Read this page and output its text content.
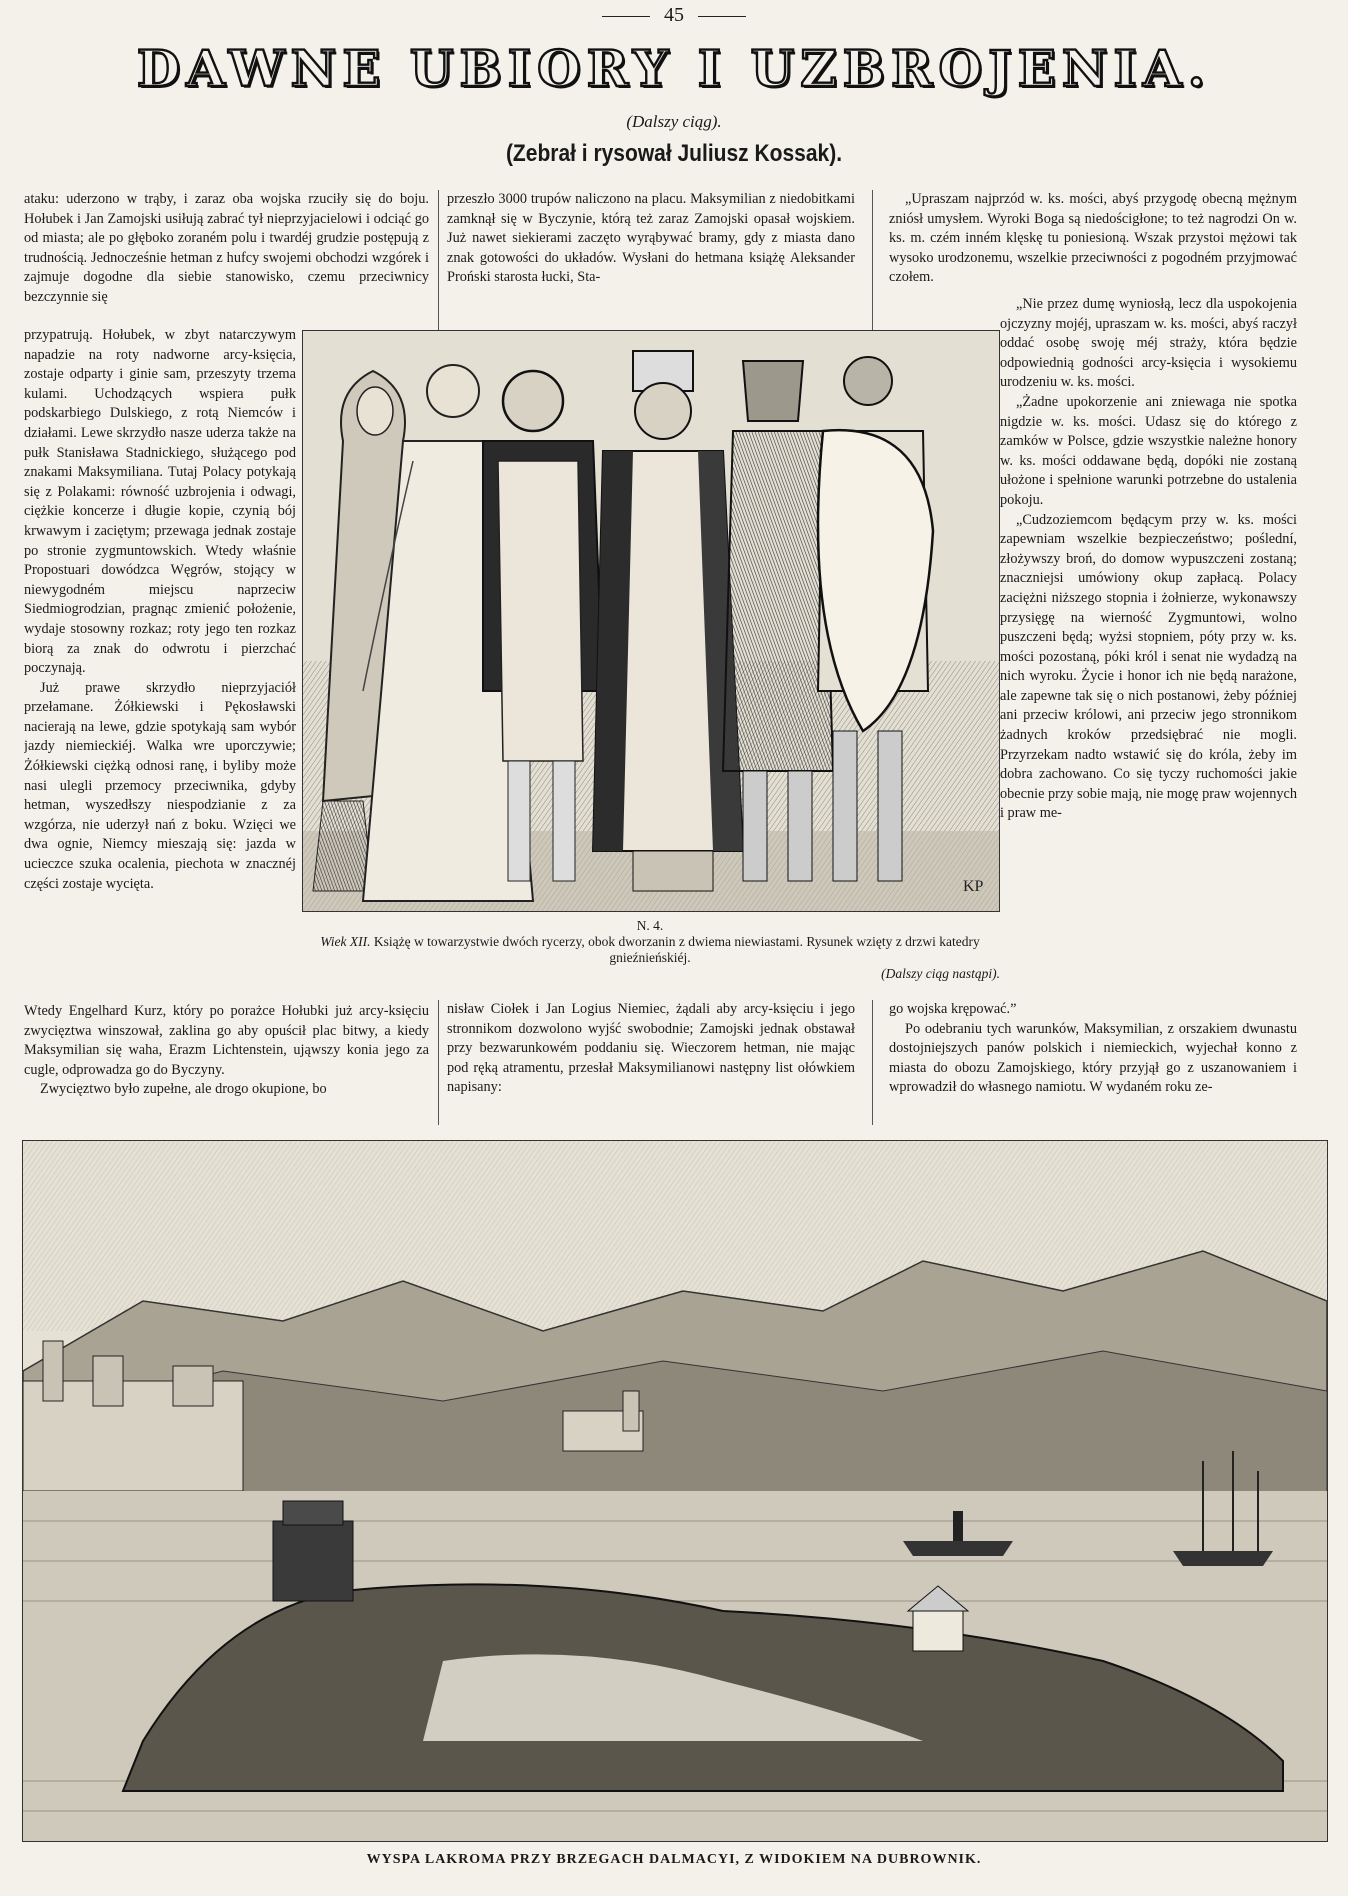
45
DAWNE UBIORY I UZBROJENIA.
(Dalszy ciąg).
(Zebrał i rysował Juliusz Kossak).

ataku: uderzono w trąby, i zaraz oba wojska rzuciły się do boju. Hołubek i Jan Zamojski usiłują zabrać tył nieprzyjacielowi i odciąć go od miasta; ale po głęboko zoraném polu i twardéj grudzie postępują z trudnością. Jednocześnie hetman z hufcy swojemi obchodzi wzgórek i zajmuje dogodne dla siebie stanowisko, czemu przeciwnicy bezczynnie się

przeszło 3000 trupów naliczono na placu. Maksymilian z niedobitkami zamknął się w Byczynie, którą też zaraz Zamojski opasał wojskiem. Już nawet siekierami zaczęto wyrąbywać bramy, gdy z miasta dano znak gotowości do układów. Wysłani do hetmana książę Aleksander Proński starosta łucki, Sta-

„Upraszam najprzód w. ks. mości, abyś przygodę obecną mężnym zniósł umysłem. Wyroki Boga są niedościgłone; to też nagrodzi On w. ks. m. czém inném klęskę tu poniesioną. Wszak przystoi mężowi tak wysoko urodzonemu, wszelkie przeciwności z pogodném przyjmować czołem.

przypatrują. Hołubek, w zbyt natarczywym napadzie na roty nadworne arcy-księcia, zostaje odparty i ginie sam, przeszyty trzema kulami. Uchodzących wspiera pułk podskarbiego Dulskiego, z rotą Niemców i działami. Lewe skrzydło nasze uderza także na pułk Stanisława Stadnickiego, służącego pod znakami Maksymiliana. Tutaj Polacy potykają się z Polakami: równość uzbrojenia i odwagi, ciężkie koncerze i długie kopie, czynią bój krwawym i zaciętym; przewaga jednak zostaje po stronie zygmuntowskich. Wtedy właśnie Propostuari dowódzca Węgrów, stojący w niewygodném miejscu naprzeciw Siedmiogrodzian, pragnąc zmienić położenie, wydaje stosowny rozkaz; roty jego ten rozkaz biorą za znak do odwrotu i pierzchać poczynają.

Już prawe skrzydło nieprzyjaciół przełamane. Żółkiewski i Pękosławski nacierają na lewe, gdzie spotykają sam wybór jazdy niemieckiéj. Walka wre uporczywie; Żółkiewski ciężką odnosi ranę, i byliby może nasi ulegli przemocy przeciwnika, gdyby hetman, wyszedłszy niespodzianie z za wzgórza, nie uderzył nań z boku. Wzięci we dwa ognie, Niemcy mieszają się: jazda w ucieczce szuka ocalenia, piechota w znacznéj części zostaje wycięta.

Wtedy Engelhard Kurz, który po porażce Hołubki już arcy-księciu zwycięztwa winszował, zaklina go aby opuścił plac bitwy, a kiedy Maksymilian się waha, Erazm Lichtenstein, ująwszy konia jego za cugle, odprowadza go do Byczyny.

Zwycięztwo było zupełne, ale drogo okupione, bo

„Nie przez dumę wyniosłą, lecz dla uspokojenia ojczyzny mojéj, upraszam w. ks. mości, abyś raczył oddać osobę swoję méj straży, która będzie odpowiednią godności arcy-księcia i wysokiemu urodzeniu w. ks. mości.

„Żadne upokorzenie ani zniewaga nie spotka nigdzie w. ks. mości. Udasz się do którego z zamków w Polsce, gdzie wszystkie należne honory w. ks. mości oddawane będą, dopóki nie zostaną ułożone i spełnione warunki potrzebne do ustalenia pokoju.

„Cudzoziemcom będącym przy w. ks. mości zapewniam wszelkie bezpieczeństwo; poślední, złożywszy broń, do domow wypuszczeni zostaną; znaczniejsi umówiony okup zapłacą. Polacy zaciężni niższego stopnia i żołnierze, wykonawszy przysięgę na wierność Zygmuntowi, wolno puszczeni będą; wyżsi stopniem, póty przy w. ks. mości pozostaną, póki król i senat nie wydadzą na nich wyroku. Życie i honor ich nie będą narażone, ale zapewne tak się o nich postanowi, żeby później ani przeciw królowi, ani przeciw jego stronnikom żadnych kroków przedsiębrać nie mogli. Przyrzekam nadto wstawić się do króla, żeby im dobra zachowano. Co się tyczy ruchomości jakie obecnie przy sobie mają, nie mogę praw wojennych i praw me-

nisław Ciołek i Jan Logius Niemiec, żądali aby arcy-księciu i jego stronnikom dozwolono wyjść swobodnie; Zamojski jednak obstawał przy bezwarunkowém poddaniu się. Wieczorem hetman, nie mając pod ręką atramentu, przesłał Maksymilianowi następny list ołówkiem napisany:

go wojska krępować.”

Po odebraniu tych warunków, Maksymilian, z orszakiem dwunastu dostojniejszych panów polskich i niemieckich, wyjechał konno z miasta do obozu Zamojskiego, który przyjął go z uszanowaniem i wprowadził do własnego namiotu. W wydaném roku ze-

KP
N. 4.
Wiek XII. Książę w towarzystwie dwóch rycerzy, obok dworzanin z dwiema niewiastami. Rysunek wzięty z drzwi katedry gnieźnieńskiéj.
(Dalszy ciąg nastąpi).
WYSPA LAKROMA PRZY BRZEGACH DALMACYI, Z WIDOKIEM NA DUBROWNIK.
